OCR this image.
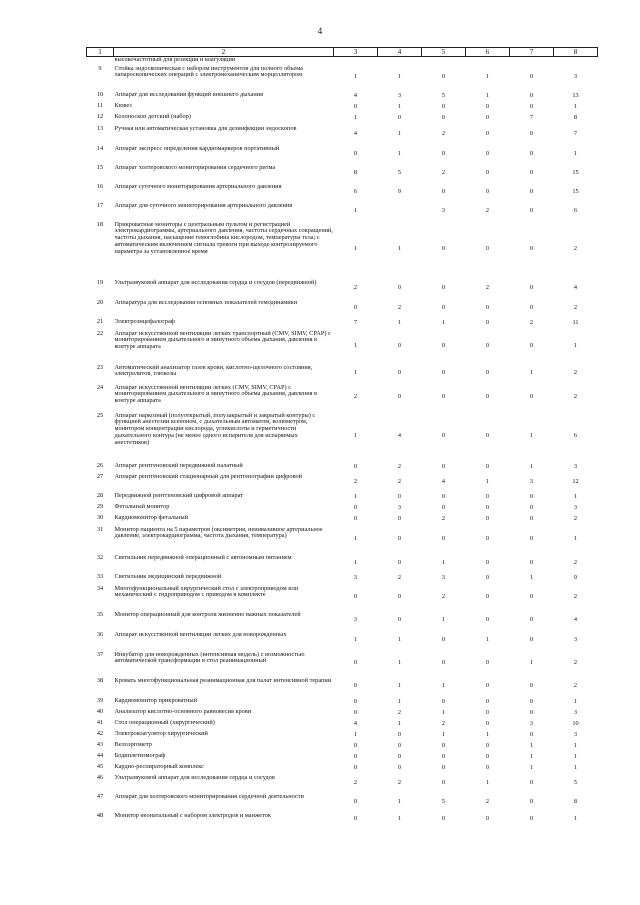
4
1	2	3	4	5	6	7	8
	высокочастотный для резекции и коагуляции						
9	Стойка эндоскопическая с набором инструментов для полного объема лапароскопических операций с электромеханическим морцеллятором	1	1	0	1	0	3
10	Аппарат для исследования функций внешнего дыхания	4	3	5	1	0	13
11	Кювез	0	1	0	0	0	1
12	Колоноскоп детский (набор)	1	0	0	0	7	8
13	Ручная или автоматическая установка для дезинфекции эндоскопов	4	1	2	0	0	7
14	Аппарат экспресс определения кардиомаркеров портативный	0	1	0	0	0	1
15	Аппарат холтеровского мониторирования сердечного ритма	8	5	2	0	0	15
16	Аппарат суточного мониторирования артериального давления	6	9	0	0	0	15
17	Аппарат для суточного мониторирования артериального давления	1		3	2	0	6
18	Прикроватные мониторы с центральным пультом и регистрацией электрокардиограммы, артериального давления, частоты сердечных сокращений, частоты дыхания, насыщение гемоглобина кислородом, температуры тела; с автоматическим включением сигнала тревоги при выходе контролируемого параметра за установленное время	1	1	0	0	0	2
19	Ультразвуковой аппарат для исследования сердца и сосудов (передвижной)	2	0	0	2	0	4
20	Аппаратура для исследования основных показателей гемодинамики	0	2	0	0	0	2
21	Электроэнцефалограф	7	1	1	0	2	11
22	Аппарат искусственной вентиляции легких транспортный (CMV, SIMV, CPAP) с мониторированием дыхательного и минутного объема дыхания, давления в контуре аппарата	1	0	0	0	0	1
23	Автоматический анализатор газов крови, кислотно-щелочного состояния, электролитов, глюкозы	1	0	0	0	1	2
24	Аппарат искусственной вентиляции легких (CMV, SIMV, CPAP) с мониторированием дыхательного и минутного объема дыхания, давления в контуре аппарата	2	0	0	0	0	2
25	Аппарат наркозный (полуоткрытый, полузакрытый и закрытый контуры) с функцией анестезии ксеноном, с дыхательным автоматом, волюметром, монитором концентрации кислорода, углекислоты и герметичности дыхательного контура (не менее одного испарителя для испаряемых анестетиков)	1	4	0	0	1	6
26	Аппарат рентгеновский передвижной палатный	0	2	0	0	1	3
27	Аппарат рентгеновский стационарный для рентгенографии цифровой	2	2	4	1	3	12
28	Передвижной рентгеновский цифровой аппарат	1	0	0	0	0	1
29	Фетальный монитор	0	3	0	0	0	3
30	Кардиомонитор фетальный	0	0	2	0	0	2
31	Монитор пациента на 5 параметров (оксиметрия, неинвазивное артериальное давление, электрокардиограмма, частота дыхания, температура)	1	0	0	0	0	1
32	Светильник передвижной операционный с автономным питанием	1	0	1	0	0	2
33	Светильник медицинский передвижной	3	2	3	0	1	9
34	Многофункциональный хирургический стол с электроприводом или механический с гидроприводом с приводом в комплекте	0	0	2	0	0	2
35	Монитор операционный для контроля жизненно важных показателей	3	0	1	0	0	4
36	Аппарат искусственной вентиляции легких для новорожденных	1	1	0	1	0	3
37	Инкубатор для новорожденных (интенсивная модель) с возможностью автоматической трансформации в стол реанимационный	0	1	0	0	1	2
38	Кровать многофункциональная реанимационная для палат интенсивной терапии	0	1	1	0	0	2
39	Кардиомонитор прикроватный	0	1	0	0	0	1
40	Анализатор кислотно-основного равновесия крови	0	2	1	0	0	3
41	Стол операционный (хирургический)	4	1	2	0	3	10
42	Электрокоагулятор хирургический	1	0	1	1	0	3
43	Велоэргометр	0	0	0	0	1	1
44	Бодиплетизмограф	0	0	0	0	1	1
45	Кардио-респираторный комплекс	0	0	0	0	1	1
46	Ультразвуковой аппарат для исследования сердца и сосудов	2	2	0	1	0	5
47	Аппарат для холтеровского мониторирования сердечной деятельности	0	1	5	2	0	8
48	Монитор неонатальный с набором электродов и манжеток	0	1	0	0	0	1
